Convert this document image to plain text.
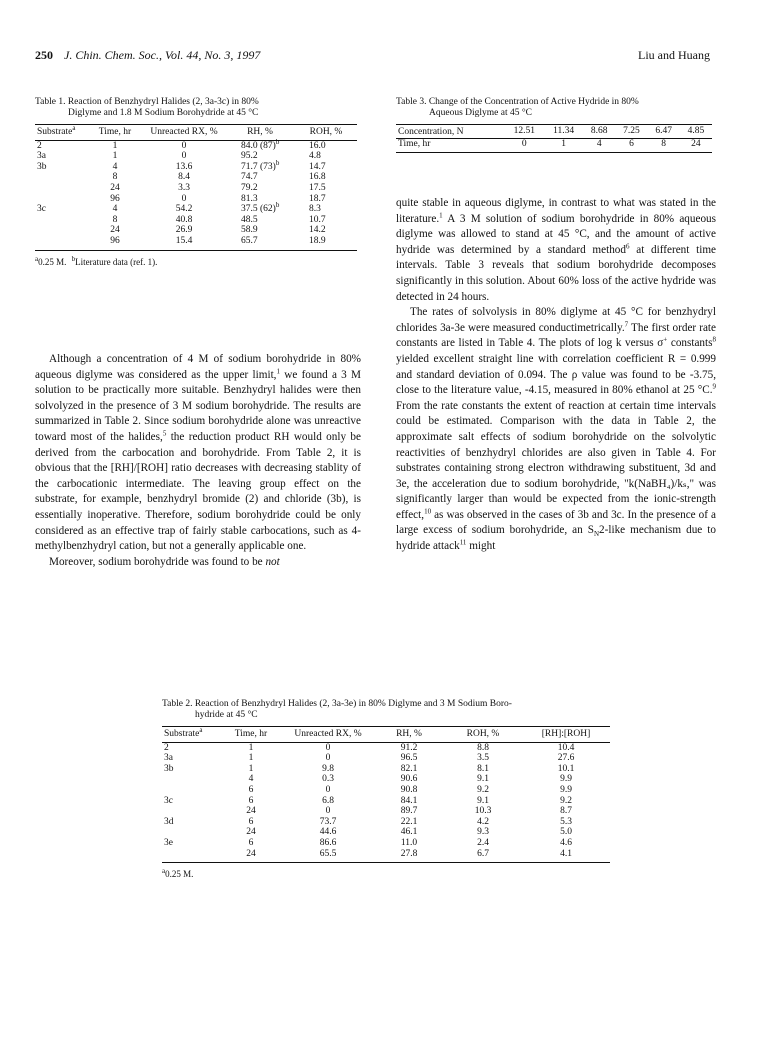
250 J. Chin. Chem. Soc., Vol. 44, No. 3, 1997	Liu and Huang
Table 1. Reaction of Benzhydryl Halides (2, 3a-3c) in 80%
Diglyme and 1.8 M Sodium Borohydride at 45 °C
Substrate$^a$	Time, hr	Unreacted RX, %	RH, %	ROH, %
2	1	0	84.0 $(87)^b$	16.0
3a	1	0	95.2	4.8
3b	4	13.6	71.7 $(73)^b$	14.7
	8	8.4	74.7	16.8
	24	3.3	79.2	17.5
	96	0	81.3	18.7
3c	4	54.2	37.5 $(62)^b$	8.3
	8	40.8	48.5	10.7
	24	26.9	58.9	14.2
	96	15.4	65.7	18.9
$^a$0.25 M. $^b$Literature data (ref. 1).
Table 3. Change of the Concentration of Active Hydride in 80%
Aqueous Diglyme at 45 °C
Concentration, N	12.51	11.34	8.68	7.25	6.47	4.85
Time, hr	0	1	4	6	8	24

Although a concentration of 4 M of sodium borohydride in 80% aqueous diglyme was considered as the upper limit,$^1$ we found a 3 M solution to be practically more suitable. Benzhydryl halides were then solvolyzed in the presence of 3 M sodium borohydride. The results are summarized in Table 2. Since sodium borohydride alone was unreactive toward most of the halides,$^5$ the reduction product RH would only be derived from the carbocation and borohydride. From Table 2, it is obvious that the [RH]/[ROH] ratio decreases with decreasing stablity of the carbocationic intermediate. The leaving group effect on the substrate, for example, benzhydryl bromide (2) and chloride (3b), is essentially inoperative. Therefore, sodium borohydride could be only considered as an effective trap of fairly stable carbocations, such as 4-methylbenzhydryl cation, but not a generally applicable one.

Moreover, sodium borohydride was found to be not

quite stable in aqueous diglyme, in contrast to what was stated in the literature.$^1$ A 3 M solution of sodium borohydride in 80% aqueous diglyme was allowed to stand at 45 °C, and the amount of active hydride was determined by a standard method$^6$ at different time intervals. Table 3 reveals that sodium borohydride decomposes significantly in this solution. About 60% loss of the active hydride was detected in 24 hours.

The rates of solvolysis in 80% diglyme at 45 °C for benzhydryl chlorides 3a-3e were measured conductimetrically.$^7$ The first order rate constants are listed in Table 4. The plots of log k versus σ+ constants$^8$ yielded excellent straight line with correlation coefficient R = 0.999 and standard deviation of 0.094. The ρ value was found to be -3.75, close to the literature value, -4.15, measured in 80% ethanol at 25 °C.$^9$ From the rate constants the extent of reaction at certain time intervals could be estimated. Comparison with the data in Table 2, the approximate salt effects of sodium borohydride on the solvolytic reactivities of benzhydryl chlorides are also given in Table 4. For substrates containing strong electron withdrawing substituent, 3d and 3e, the acceleration due to sodium borohydride, "k(NaBH₄)/kₛ," was significantly larger than would be expected from the ionic-strength effect,$^{10}$ as was observed in the cases of 3b and 3c. In the presence of a large excess of sodium borohydride, an $S_N2$-like mechanism due to hydride attack$^{11}$ might

Table 2. Reaction of Benzhydryl Halides (2, 3a-3e) in 80% Diglyme and 3 M Sodium Boro-
hydride at 45 °C
Substrate$^a$	Time, hr	Unreacted RX, %	RH, %	ROH, %	[RH]:[ROH]
2	1	0	91.2	8.8	10.4
3a	1	0	96.5	3.5	27.6
3b	1	9.8	82.1	8.1	10.1
	4	0.3	90.6	9.1	9.9
	6	0	90.8	9.2	9.9
3c	6	6.8	84.1	9.1	9.2
	24	0	89.7	10.3	8.7
3d	6	73.7	22.1	4.2	5.3
	24	44.6	46.1	9.3	5.0
3e	6	86.6	11.0	2.4	4.6
	24	65.5	27.8	6.7	4.1
$^a$0.25 M.
